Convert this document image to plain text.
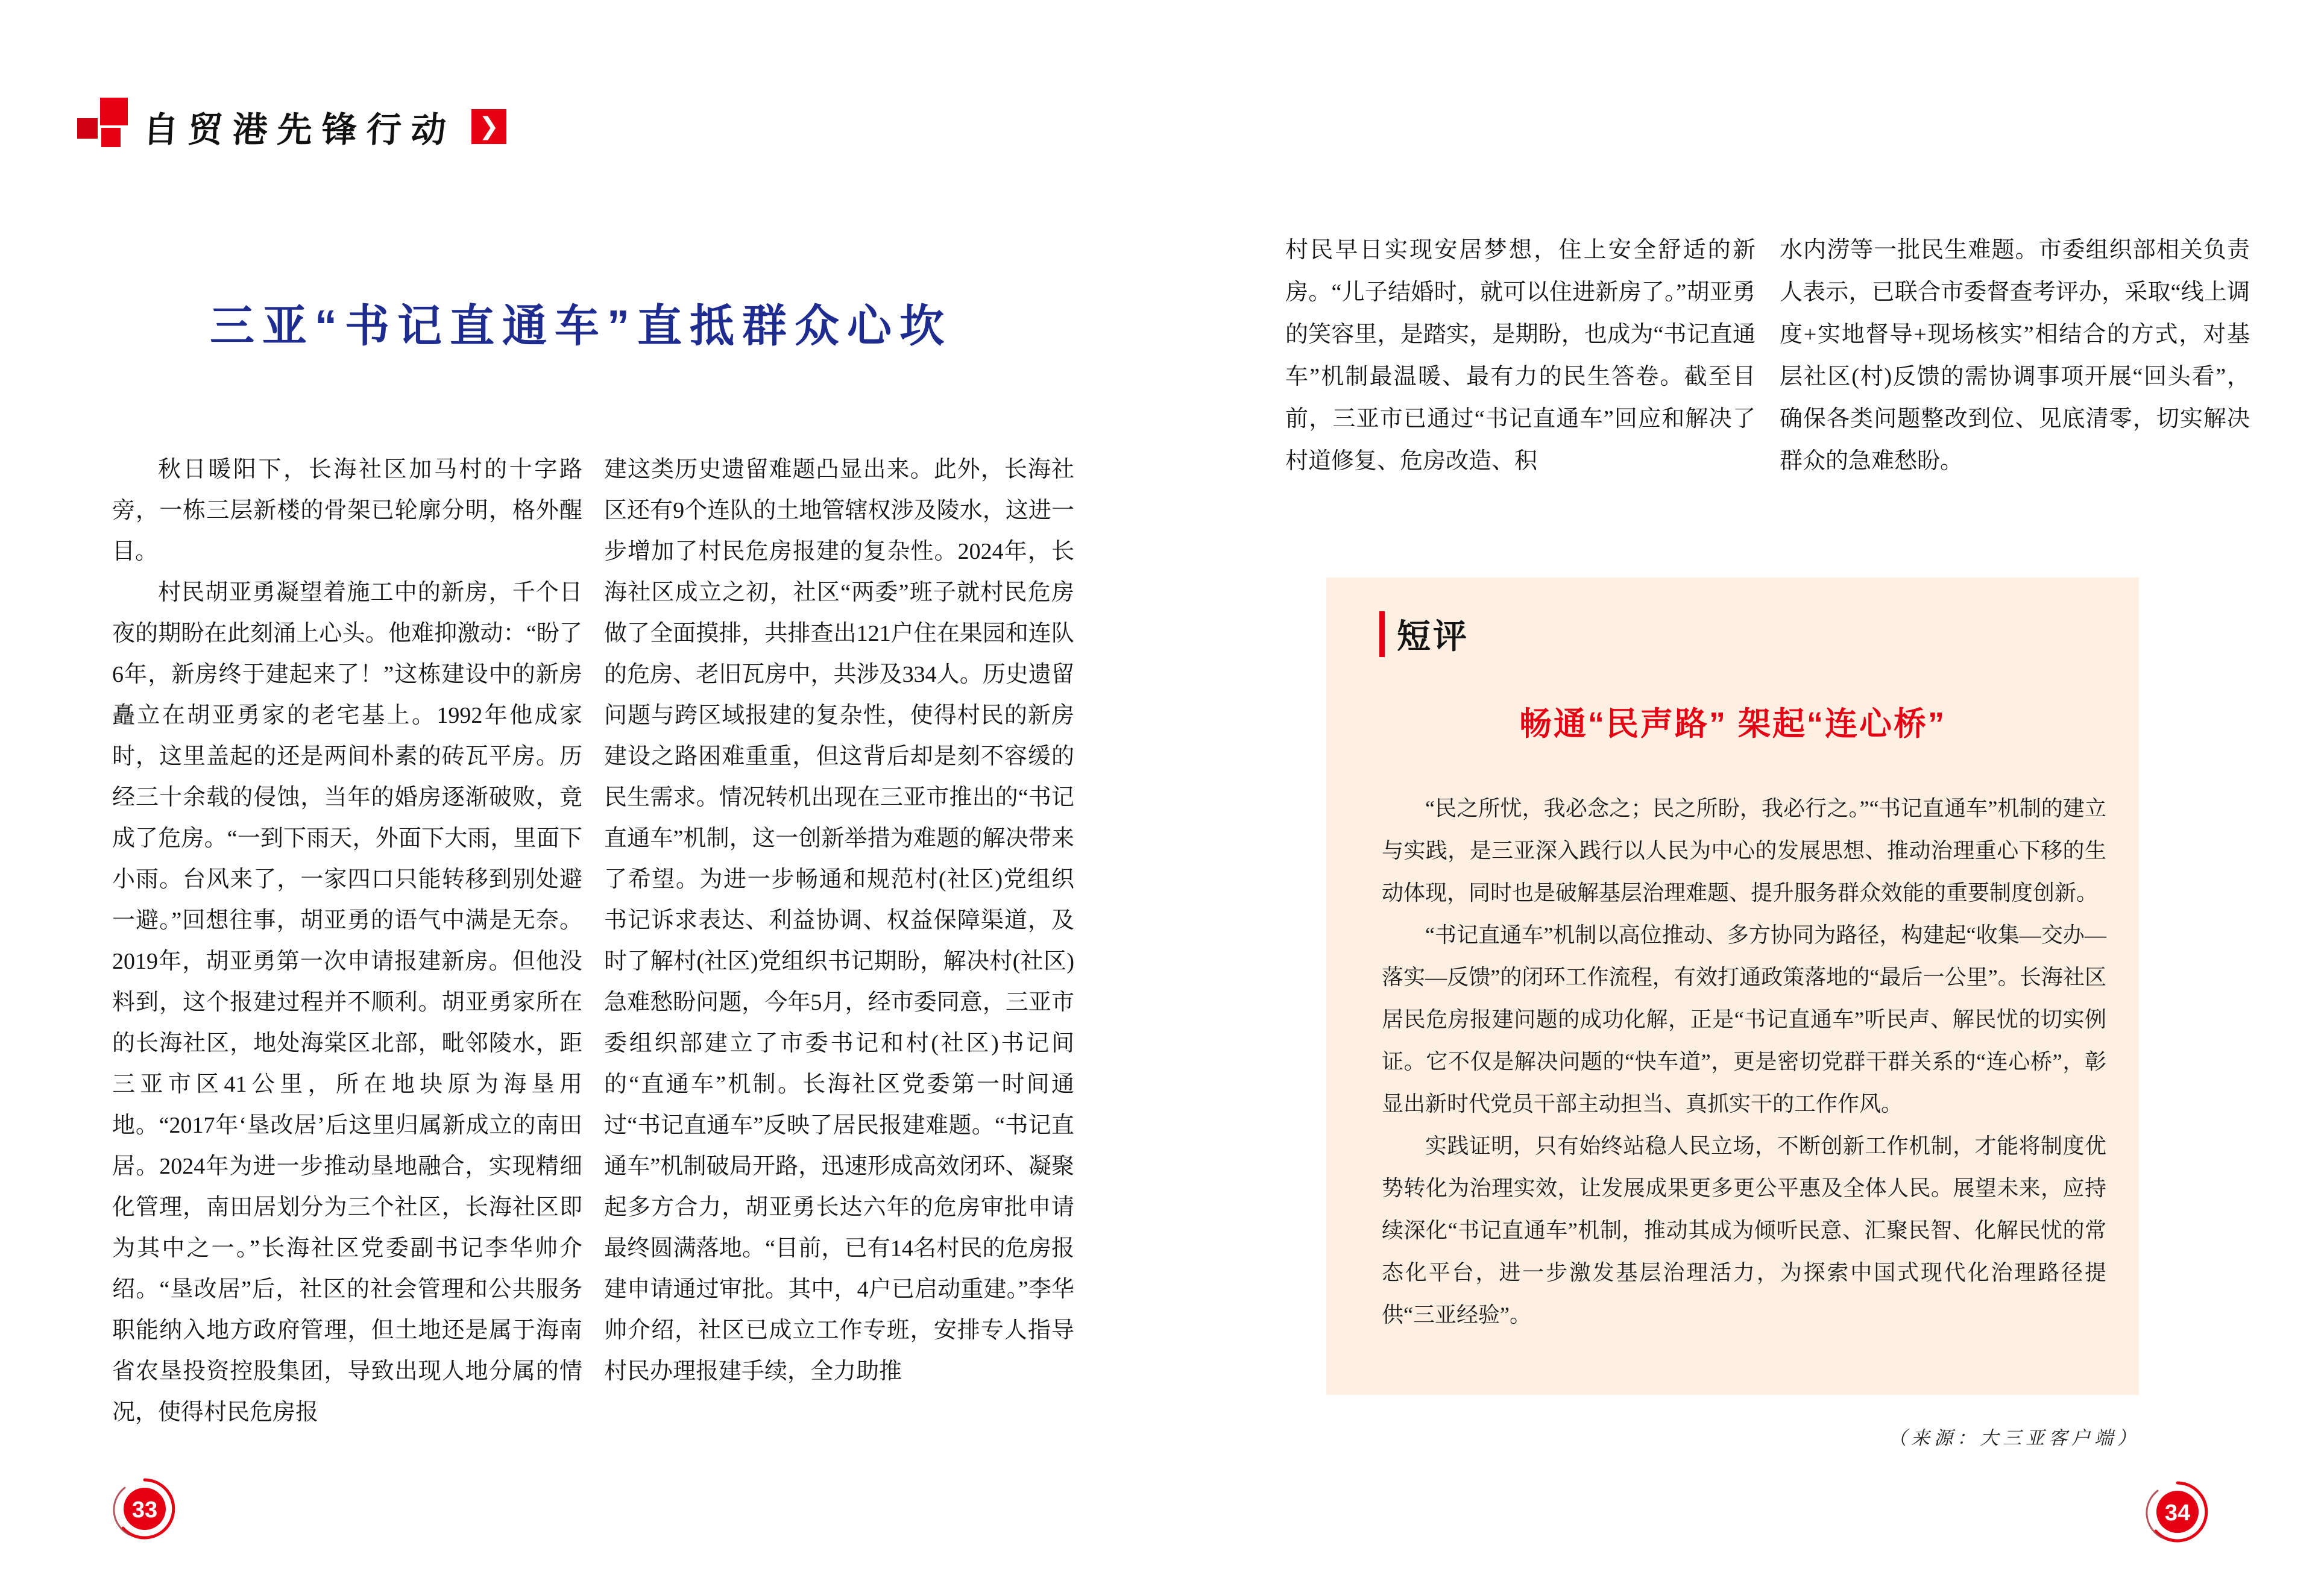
自贸港先锋行动 ❯
三亚“书记直通车”直抵群众心坎

秋日暖阳下，长海社区加马村的十字路旁，一栋三层新楼的骨架已轮廓分明，格外醒目。

村民胡亚勇凝望着施工中的新房，千个日夜的期盼在此刻涌上心头。他难抑激动：“盼了6年，新房终于建起来了！”这栋建设中的新房矗立在胡亚勇家的老宅基上。1992年他成家时，这里盖起的还是两间朴素的砖瓦平房。历经三十余载的侵蚀，当年的婚房逐渐破败，竟成了危房。“一到下雨天，外面下大雨，里面下小雨。台风来了，一家四口只能转移到别处避一避。”回想往事，胡亚勇的语气中满是无奈。2019年，胡亚勇第一次申请报建新房。但他没料到，这个报建过程并不顺利。胡亚勇家所在的长海社区，地处海棠区北部，毗邻陵水，距三亚市区41公里，所在地块原为海垦用地。“2017年‘垦改居’后这里归属新成立的南田居。2024年为进一步推动垦地融合，实现精细化管理，南田居划分为三个社区，长海社区即为其中之一。”长海社区党委副书记李华帅介绍。“垦改居”后，社区的社会管理和公共服务职能纳入地方政府管理，但土地还是属于海南省农垦投资控股集团，导致出现人地分属的情况，使得村民危房报

建这类历史遗留难题凸显出来。此外，长海社区还有9个连队的土地管辖权涉及陵水，这进一步增加了村民危房报建的复杂性。2024年，长海社区成立之初，社区“两委”班子就村民危房做了全面摸排，共排查出121户住在果园和连队的危房、老旧瓦房中，共涉及334人。历史遗留问题与跨区域报建的复杂性，使得村民的新房建设之路困难重重，但这背后却是刻不容缓的民生需求。情况转机出现在三亚市推出的“书记直通车”机制，这一创新举措为难题的解决带来了希望。为进一步畅通和规范村(社区)党组织书记诉求表达、利益协调、权益保障渠道，及时了解村(社区)党组织书记期盼，解决村(社区)急难愁盼问题，今年5月，经市委同意，三亚市委组织部建立了市委书记和村(社区)书记间的“直通车”机制。长海社区党委第一时间通过“书记直通车”反映了居民报建难题。“书记直通车”机制破局开路，迅速形成高效闭环、凝聚起多方合力，胡亚勇长达六年的危房审批申请最终圆满落地。“目前，已有14名村民的危房报建申请通过审批。其中，4户已启动重建。”李华帅介绍，社区已成立工作专班，安排专人指导村民办理报建手续，全力助推

33

村民早日实现安居梦想，住上安全舒适的新房。“儿子结婚时，就可以住进新房了。”胡亚勇的笑容里，是踏实，是期盼，也成为“书记直通车”机制最温暖、最有力的民生答卷。截至目前，三亚市已通过“书记直通车”回应和解决了村道修复、危房改造、积

水内涝等一批民生难题。市委组织部相关负责人表示，已联合市委督查考评办，采取“线上调度+实地督导+现场核实”相结合的方式，对基层社区(村)反馈的需协调事项开展“回头看”，确保各类问题整改到位、见底清零，切实解决群众的急难愁盼。

短评
畅通“民声路” 架起“连心桥”

“民之所忧，我必念之；民之所盼，我必行之。”“书记直通车”机制的建立与实践，是三亚深入践行以人民为中心的发展思想、推动治理重心下移的生动体现，同时也是破解基层治理难题、提升服务群众效能的重要制度创新。

“书记直通车”机制以高位推动、多方协同为路径，构建起“收集—交办—落实—反馈”的闭环工作流程，有效打通政策落地的“最后一公里”。长海社区居民危房报建问题的成功化解，正是“书记直通车”听民声、解民忧的切实例证。它不仅是解决问题的“快车道”，更是密切党群干群关系的“连心桥”，彰显出新时代党员干部主动担当、真抓实干的工作作风。

实践证明，只有始终站稳人民立场，不断创新工作机制，才能将制度优势转化为治理实效，让发展成果更多更公平惠及全体人民。展望未来，应持续深化“书记直通车”机制，推动其成为倾听民意、汇聚民智、化解民忧的常态化平台，进一步激发基层治理活力，为探索中国式现代化治理路径提供“三亚经验”。

（来源：大三亚客户端）
34
